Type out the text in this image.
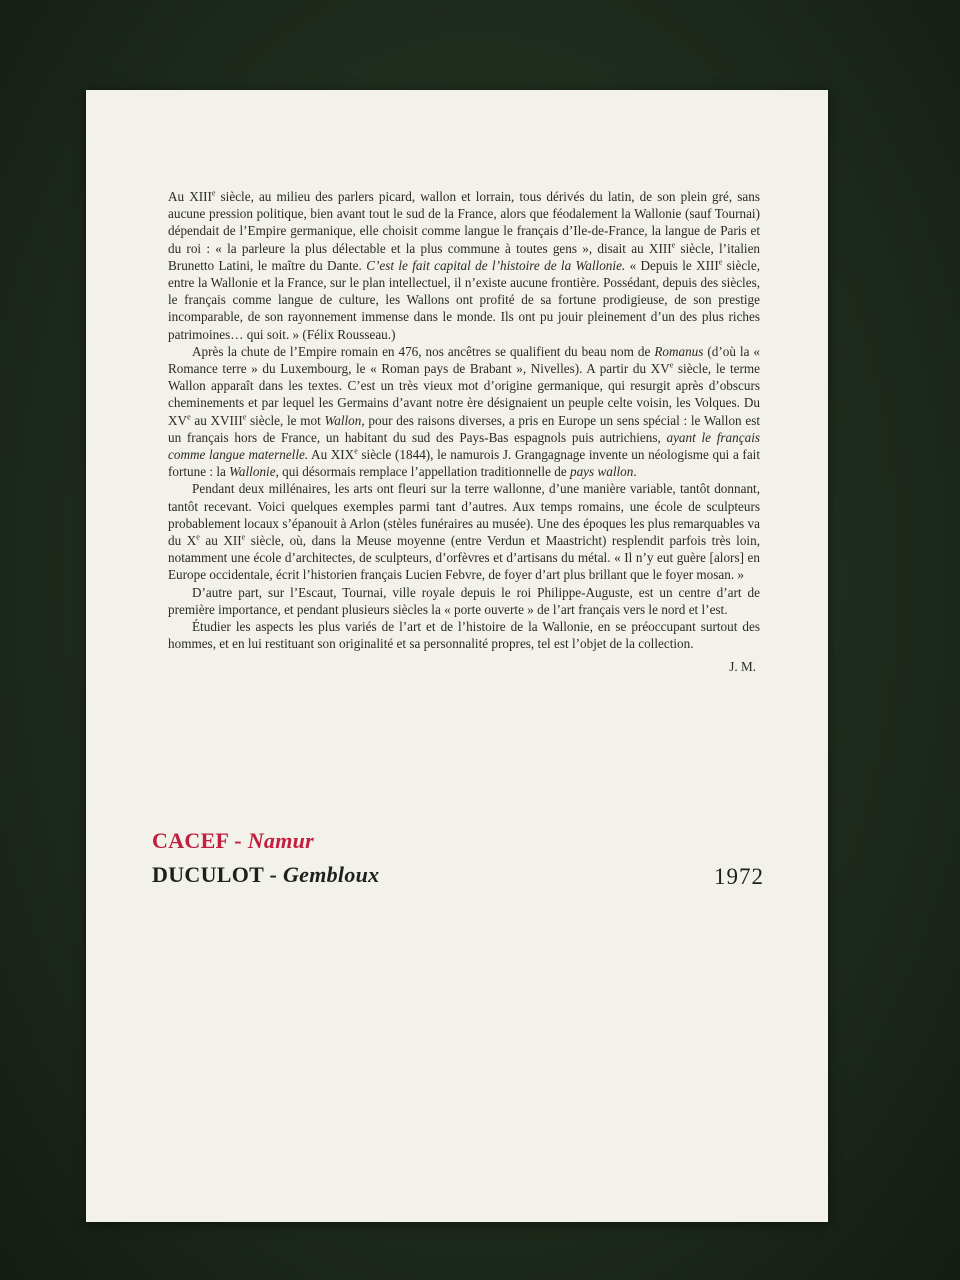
Au XIIIe siècle, au milieu des parlers picard, wallon et lorrain, tous dérivés du latin, de son plein gré, sans aucune pression politique, bien avant tout le sud de la France, alors que féodalement la Wallonie (sauf Tournai) dépendait de l’Empire germanique, elle choisit comme langue le français d’Ile-de-France, la langue de Paris et du roi : « la parleure la plus délectable et la plus commune à toutes gens », disait au XIIIe siècle, l’italien Brunetto Latini, le maître du Dante. C’est le fait capital de l’histoire de la Wallonie. « Depuis le XIIIe siècle, entre la Wallonie et la France, sur le plan intellectuel, il n’existe aucune frontière. Possédant, depuis des siècles, le français comme langue de culture, les Wallons ont profité de sa fortune prodigieuse, de son prestige incomparable, de son rayonnement immense dans le monde. Ils ont pu jouir pleinement d’un des plus riches patrimoines… qui soit. » (Félix Rousseau.)

Après la chute de l’Empire romain en 476, nos ancêtres se qualifient du beau nom de Romanus (d’où la « Romance terre » du Luxembourg, le « Roman pays de Brabant », Nivelles). A partir du XVe siècle, le terme Wallon apparaît dans les textes. C’est un très vieux mot d’origine germanique, qui resurgit après d’obscurs cheminements et par lequel les Germains d’avant notre ère désignaient un peuple celte voisin, les Volques. Du XVe au XVIIIe siècle, le mot Wallon, pour des raisons diverses, a pris en Europe un sens spécial : le Wallon est un français hors de France, un habitant du sud des Pays-Bas espagnols puis autrichiens, ayant le français comme langue maternelle. Au XIXe siècle (1844), le namurois J. Grangagnage invente un néologisme qui a fait fortune : la Wallonie, qui désormais remplace l’appellation traditionnelle de pays wallon.

Pendant deux millénaires, les arts ont fleuri sur la terre wallonne, d’une manière variable, tantôt donnant, tantôt recevant. Voici quelques exemples parmi tant d’autres. Aux temps romains, une école de sculpteurs probablement locaux s’épanouit à Arlon (stèles funéraires au musée). Une des époques les plus remarquables va du Xe au XIIe siècle, où, dans la Meuse moyenne (entre Verdun et Maastricht) resplendit parfois très loin, notamment une école d’architectes, de sculpteurs, d’orfèvres et d’artisans du métal. « Il n’y eut guère [alors] en Europe occidentale, écrit l’historien français Lucien Febvre, de foyer d’art plus brillant que le foyer mosan. »

D’autre part, sur l’Escaut, Tournai, ville royale depuis le roi Philippe-Auguste, est un centre d’art de première importance, et pendant plusieurs siècles la « porte ouverte » de l’art français vers le nord et l’est.

Étudier les aspects les plus variés de l’art et de l’histoire de la Wallonie, en se préoccupant surtout des hommes, et en lui restituant son originalité et sa personnalité propres, tel est l’objet de la collection.

J. M.

CACEF - Namur
DUCULOT - Gembloux	1972
